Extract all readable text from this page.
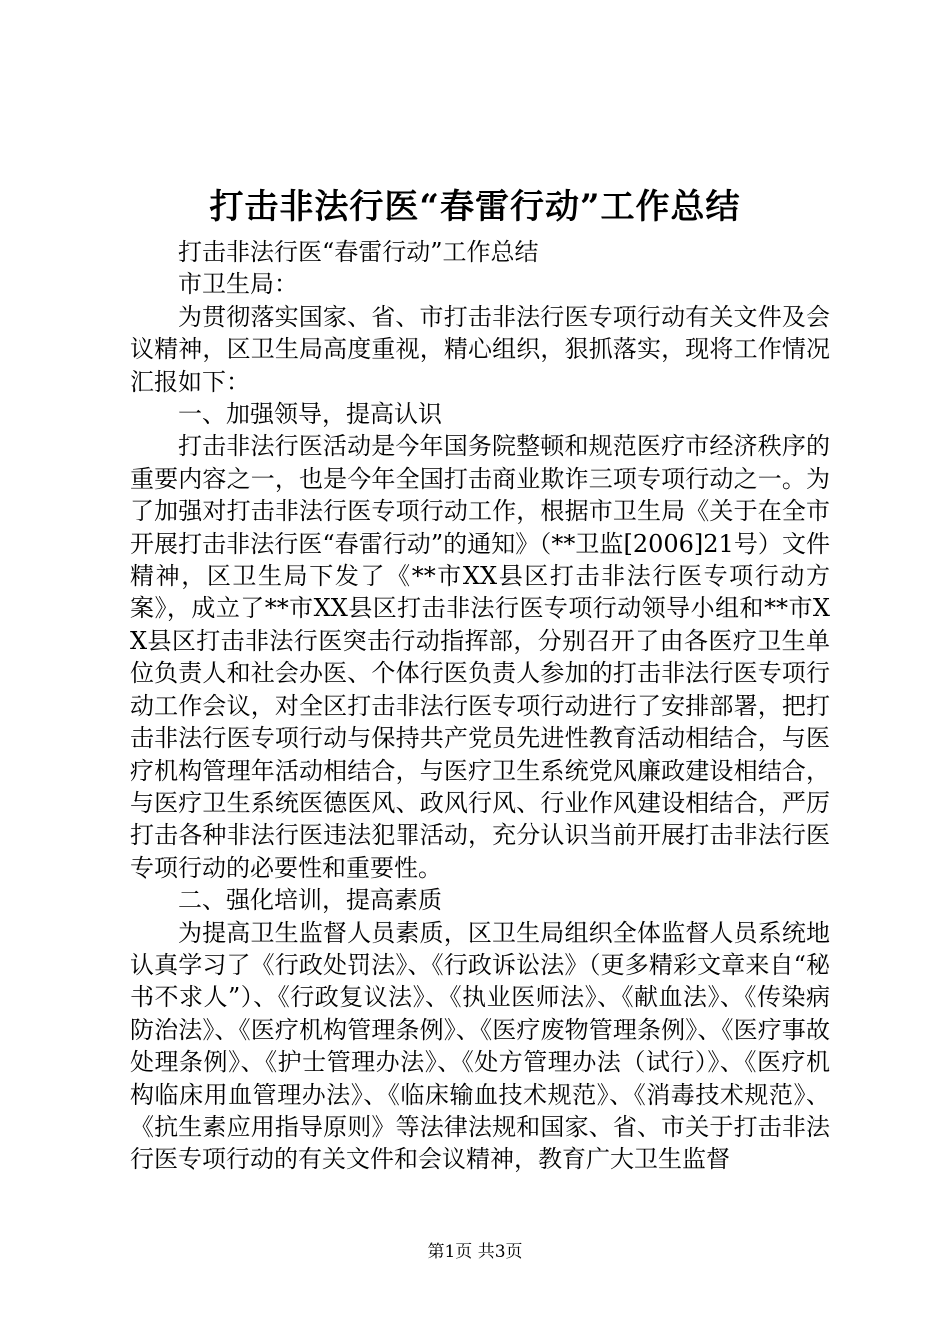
打击非法行医“春雷行动”工作总结

打击非法行医“春雷行动”工作总结

市卫生局：

为贯彻落实国家、省、市打击非法行医专项行动有关文件及会议精神，区卫生局高度重视，精心组织，狠抓落实，现将工作情况汇报如下：

一、加强领导，提高认识

打击非法行医活动是今年国务院整顿和规范医疗市经济秩序的重要内容之一，也是今年全国打击商业欺诈三项专项行动之一。为了加强对打击非法行医专项行动工作，根据市卫生局《关于在全市开展打击非法行医“春雷行动”的通知》（**卫监[2006]21号）文件精神，区卫生局下发了《**市XX县区打击非法行医专项行动方案》，成立了**市XX县区打击非法行医专项行动领导小组和**市XX县区打击非法行医突击行动指挥部，分别召开了由各医疗卫生单位负责人和社会办医、个体行医负责人参加的打击非法行医专项行动工作会议，对全区打击非法行医专项行动进行了安排部署，把打击非法行医专项行动与保持共产党员先进性教育活动相结合，与医疗机构管理年活动相结合，与医疗卫生系统党风廉政建设相结合，与医疗卫生系统医德医风、政风行风、行业作风建设相结合，严厉打击各种非法行医违法犯罪活动，充分认识当前开展打击非法行医专项行动的必要性和重要性。

二、强化培训，提高素质

为提高卫生监督人员素质，区卫生局组织全体监督人员系统地认真学习了《行政处罚法》、《行政诉讼法》（更多精彩文章来自“秘书不求人”）、《行政复议法》、《执业医师法》、《献血法》、《传染病防治法》、《医疗机构管理条例》、《医疗废物管理条例》、《医疗事故处理条例》、《护士管理办法》、《处方管理办法（试行）》、《医疗机构临床用血管理办法》、《临床输血技术规范》、《消毒技术规范》、《抗生素应用指导原则》等法律法规和国家、省、市关于打击非法行医专项行动的有关文件和会议精神，教育广大卫生监督

第1页 共3页
